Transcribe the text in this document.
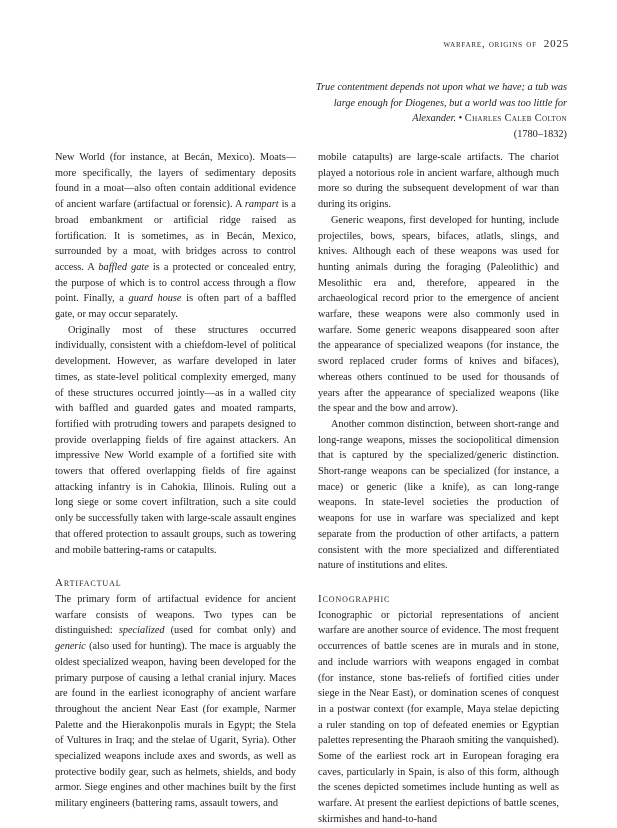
warfare, origins of 2025
True contentment depends not upon what we have; a tub was large enough for Diogenes, but a world was too little for Alexander. • Charles Caleb Colton
(1780–1832)

New World (for instance, at Becán, Mexico). Moats—more specifically, the layers of sedimentary deposits found in a moat—also often contain additional evidence of ancient warfare (artifactual or forensic). A rampart is a broad embankment or artificial ridge raised as fortification. It is sometimes, as in Becán, Mexico, surrounded by a moat, with bridges across to control access. A baffled gate is a protected or concealed entry, the purpose of which is to control access through a flow point. Finally, a guard house is often part of a baffled gate, or may occur separately.

Originally most of these structures occurred individually, consistent with a chiefdom-level of political development. However, as warfare developed in later times, as state-level political complexity emerged, many of these structures occurred jointly—as in a walled city with baffled and guarded gates and moated ramparts, fortified with protruding towers and parapets designed to provide overlapping fields of fire against attackers. An impressive New World example of a fortified site with towers that offered overlapping fields of fire against attacking infantry is in Cahokia, Illinois. Ruling out a long siege or some covert infiltration, such a site could only be successfully taken with large-scale assault engines that offered protection to assault groups, such as towering and mobile battering-rams or catapults.

Artifactual

The primary form of artifactual evidence for ancient warfare consists of weapons. Two types can be distinguished: specialized (used for combat only) and generic (also used for hunting). The mace is arguably the oldest specialized weapon, having been developed for the primary purpose of causing a lethal cranial injury. Maces are found in the earliest iconography of ancient warfare throughout the ancient Near East (for example, Narmer Palette and the Hierakonpolis murals in Egypt; the Stela of Vultures in Iraq; and the stelae of Ugarit, Syria). Other specialized weapons include axes and swords, as well as protective bodily gear, such as helmets, shields, and body armor. Siege engines and other machines built by the first military engineers (battering rams, assault towers, and

mobile catapults) are large-scale artifacts. The chariot played a notorious role in ancient warfare, although much more so during the subsequent development of war than during its origins.

Generic weapons, first developed for hunting, include projectiles, bows, spears, bifaces, atlatls, slings, and knives. Although each of these weapons was used for hunting animals during the foraging (Paleolithic) and Mesolithic era and, therefore, appeared in the archaeological record prior to the emergence of ancient warfare, these weapons were also commonly used in warfare. Some generic weapons disappeared soon after the appearance of specialized weapons (for instance, the sword replaced cruder forms of knives and bifaces), whereas others continued to be used for thousands of years after the appearance of specialized weapons (like the spear and the bow and arrow).

Another common distinction, between short-range and long-range weapons, misses the sociopolitical dimension that is captured by the specialized/generic distinction. Short-range weapons can be specialized (for instance, a mace) or generic (like a knife), as can long-range weapons. In state-level societies the production of weapons for use in warfare was specialized and kept separate from the production of other artifacts, a pattern consistent with the more specialized and differentiated nature of institutions and elites.

Iconographic

Iconographic or pictorial representations of ancient warfare are another source of evidence. The most frequent occurrences of battle scenes are in murals and in stone, and include warriors with weapons engaged in combat (for instance, stone bas-reliefs of fortified cities under siege in the Near East), or domination scenes of conquest in a postwar context (for example, Maya stelae depicting a ruler standing on top of defeated enemies or Egyptian palettes representing the Pharaoh smiting the vanquished). Some of the earliest rock art in European foraging era caves, particularly in Spain, is also of this form, although the scenes depicted sometimes include hunting as well as warfare. At present the earliest depictions of battle scenes, skirmishes and hand-to-hand
